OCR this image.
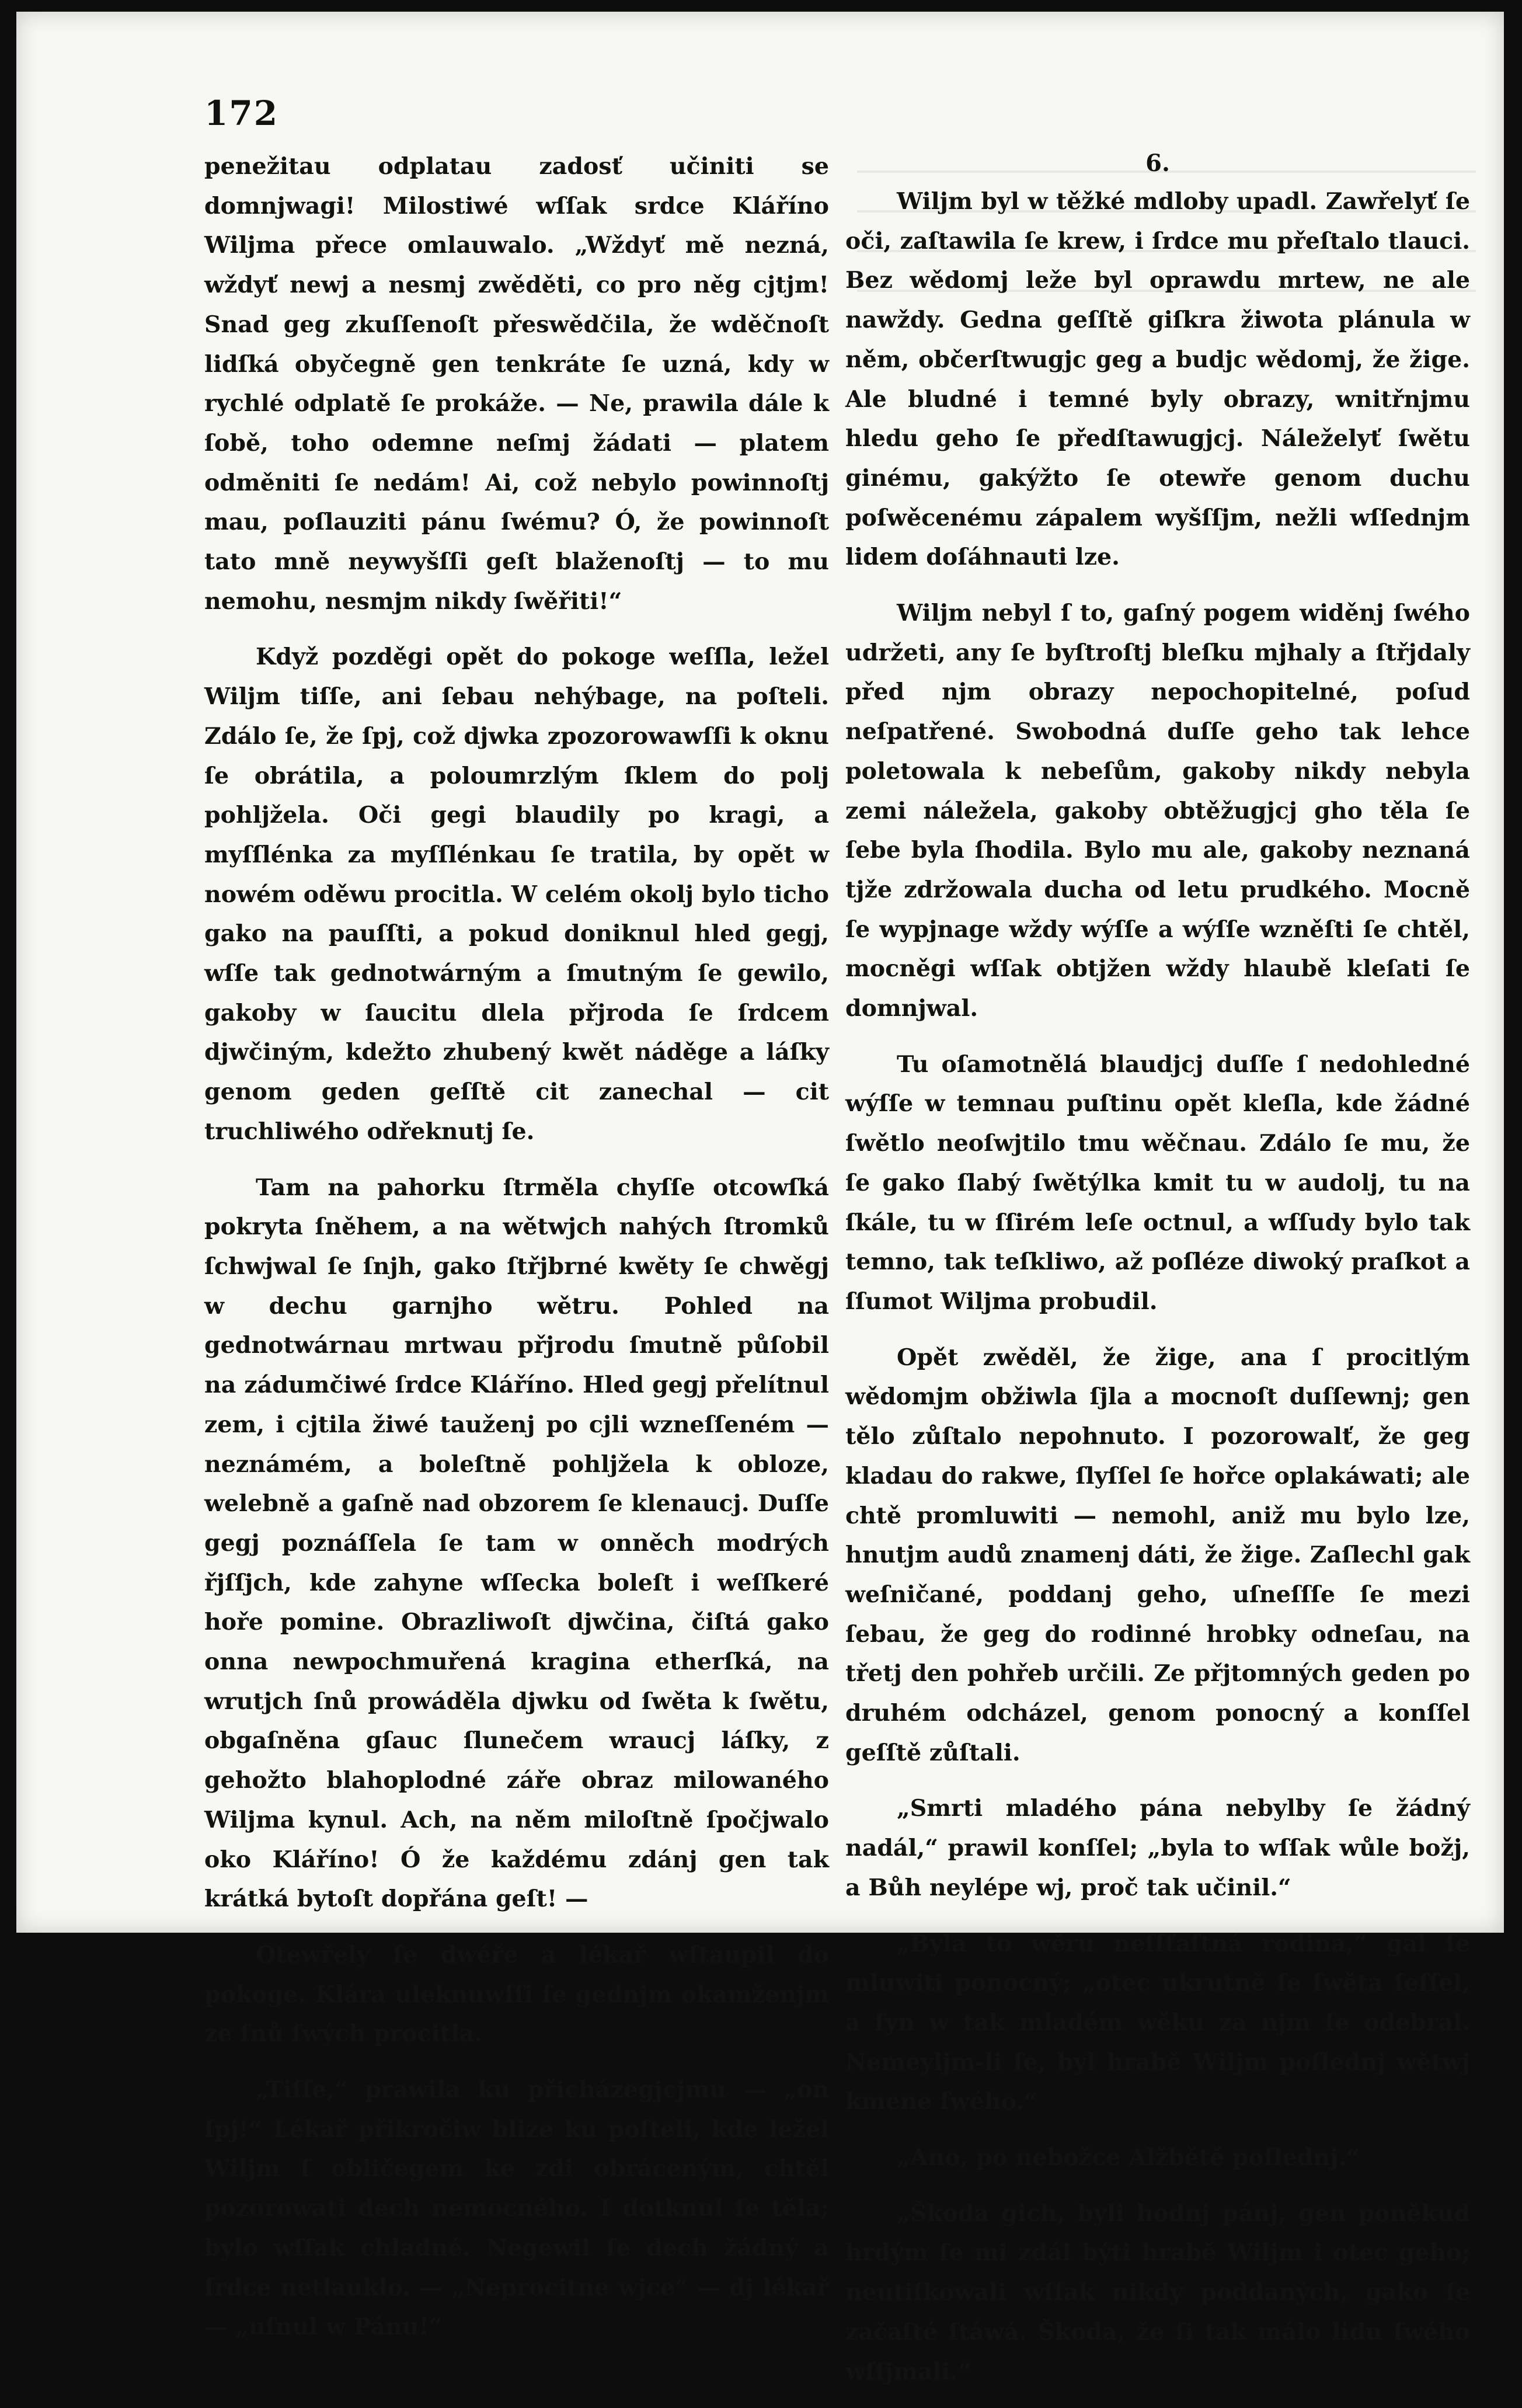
172

penežitau odplatau zadosť učiniti se domnjwagi! Milostiwé wſſak srdce Kláříno Wiljma přece omlauwalo. „Wždyť mě nezná, wždyť newj a nesmj zwěděti, co pro něg cjtjm! Snad geg zkuſſenoſt přeswědčila, že wděčnoſt lidſká obyčegně gen tenkráte ſe uzná, kdy w rychlé odplatě ſe prokáže. — Ne, prawila dále k ſobě, toho odemne neſmj žádati — platem odměniti ſe nedám! Ai, což nebylo powinnoſtj mau, poſlauziti pánu ſwému? Ó, že powinnoſt tato mně neywyšſſi geſt blaženoſtj — to mu nemohu, nesmjm nikdy ſwěřiti!“

Když pozděgi opět do pokoge weſſla, ležel Wiljm tiſſe, ani ſebau nehýbage, na poſteli. Zdálo ſe, že ſpj, což djwka zpozorowawſſi k oknu ſe obrátila, a poloumrzlým ſklem do polj pohljžela. Oči gegi blaudily po kragi, a myſſlénka za myſſlénkau ſe tratila, by opět w nowém oděwu procitla. W celém okolj bylo ticho gako na pauſſti, a pokud doniknul hled gegj, wſſe tak gednotwárným a ſmutným ſe gewilo, gakoby w ſaucitu dlela přjroda ſe ſrdcem djwčiným, kdežto zhubený kwět náděge a láſky genom geden geſſtě cit zanechal — cit truchliwého odřeknutj ſe.

Tam na pahorku ſtrměla chyſſe otcowſká pokryta ſněhem, a na wětwjch nahých ſtromků ſchwjwal ſe ſnjh, gako ſtřjbrné kwěty ſe chwěgj w dechu garnjho wětru. Pohled na gednotwárnau mrtwau přjrodu ſmutně půſobil na zádumčiwé ſrdce Kláříno. Hled gegj přelítnul zem, i cjtila žiwé tauženj po cjli wzneſſeném — neznámém, a boleſtně pohljžela k obloze, welebně a gaſně nad obzorem ſe klenaucj. Duſſe gegj poznáſſela ſe tam w onněch modrých řjſſjch, kde zahyne wſſecka boleſt i weſſkeré hoře pomine. Obrazliwoſt djwčina, čiſtá gako onna newpochmuřená kragina etherſká, na wrutjch ſnů prowáděla djwku od ſwěta k ſwětu, obgaſněna gſauc ſlunečem wraucj láſky, z gehožto blahoplodné záře obraz milowaného Wiljma kynul. Ach, na něm miloſtně ſpočjwalo oko Kláříno! Ó že každému zdánj gen tak krátká bytoſt dopřána geſt! —

Otewřely ſe dwéře a lékař wſtaupil do pokoge. Klára uleknuwſſi ſe gednjm okamženjm ze ſnů ſwých procitla.

„Tiſſe,“ prawila ku přicházegjcjmu — „on ſpj!“ Lékař přikročiw blize ku poſteli, kde ležel Wiljm ſ obličegem ke zdi obráceným, chtěl pozorowati dech nemocného. I dotknul ſe těla; bylo wſſak chladné. Negewil ſe dech žádný a ſrdce netlaukło. — „Neprocitne wjce“ — dj lékař — „uſnul w Pánu!“

6.

Wiljm byl w těžké mdloby upadl. Zawřelyť ſe oči, zaſtawila ſe krew, i ſrdce mu přeſtalo tlauci. Bez wědomj leže byl oprawdu mrtew, ne ale nawždy. Gedna geſſtě giſkra žiwota plánula w něm, občerſtwugjc geg a budjc wědomj, že žige. Ale bludné i temné byly obrazy, wnitřnjmu hledu geho ſe předſtawugjcj. Náleželyť ſwětu ginému, gakýžto ſe otewře genom duchu poſwěcenému zápalem wyšſſjm, nežli wſſednjm lidem doſáhnauti lze.

Wiljm nebyl ſ to, gaſný pogem widěnj ſwého udržeti, any ſe byſtroſtj bleſku mjhaly a ſtřjdaly před njm obrazy nepochopitelné, poſud neſpatřené. Swobodná duſſe geho tak lehce poletowala k nebeſům, gakoby nikdy nebyla zemi náležela, gakoby obtěžugjcj gho těla ſe ſebe byla ſhodila. Bylo mu ale, gakoby neznaná tjže zdržowala ducha od letu prudkého. Mocně ſe wypjnage wždy wýſſe a wýſſe wzněſti ſe chtěl, mocněgi wſſak obtjžen wždy hlaubě kleſati ſe domnjwal.

Tu oſamotnělá blaudjcj duſſe ſ nedohledné wýſſe w temnau puſtinu opět kleſla, kde žádné ſwětlo neoſwjtilo tmu wěčnau. Zdálo ſe mu, že ſe gako ſlabý ſwětýlka kmit tu w audolj, tu na ſkále, tu w ſſirém leſe octnul, a wſſudy bylo tak temno, tak teſkliwo, až poſléze diwoký praſkot a ſſumot Wiljma probudil.

Opět zwěděl, že žige, ana ſ procitlým wědomjm obžiwla ſjla a mocnoſt duſſewnj; gen tělo zůſtalo nepohnuto. I pozorowalť, že geg kladau do rakwe, ſlyſſel ſe hořce oplakáwati; ale chtě promluwiti — nemohl, aniž mu bylo lze, hnutjm audů znamenj dáti, že žige. Zaſlechl gak weſničané, poddanj geho, uſneſſſe ſe mezi ſebau, že geg do rodinné hrobky odneſau, na třetj den pohřeb určili. Ze přjtomných geden po druhém odcházel, genom ponocný a konſſel geſſtě zůſtali.

„Smrti mladého pána nebylby ſe žádný nadál,“ prawil konſſel; „byla to wſſak wůle božj, a Bůh neylépe wj, proč tak učinil.“

„Byla to wěru neſſťaſtná rodina,“ gal ſe mluwiti ponocný; „otec ukrutně ſe ſwěta ſeſſel, a ſyn w tak mladém wěku za njm ſe odebral. Nemeylјm-li ſe, byl hrabě Wiljm poſlednj wětwj kmene ſwého.“

„Ano, po nebožce Alžbětě poſlednj.“

„Škoda gich, byli hodnj pánj, gen poněkud hrdým ſe mi zdál býti hrabě Wiljm i otec geho; neutiſkowali wſſak nikdy poddaných, gako ſe začaſté ſtáwá. Škoda, že ſi tak málo lidu ſwého wſſjmali.“
